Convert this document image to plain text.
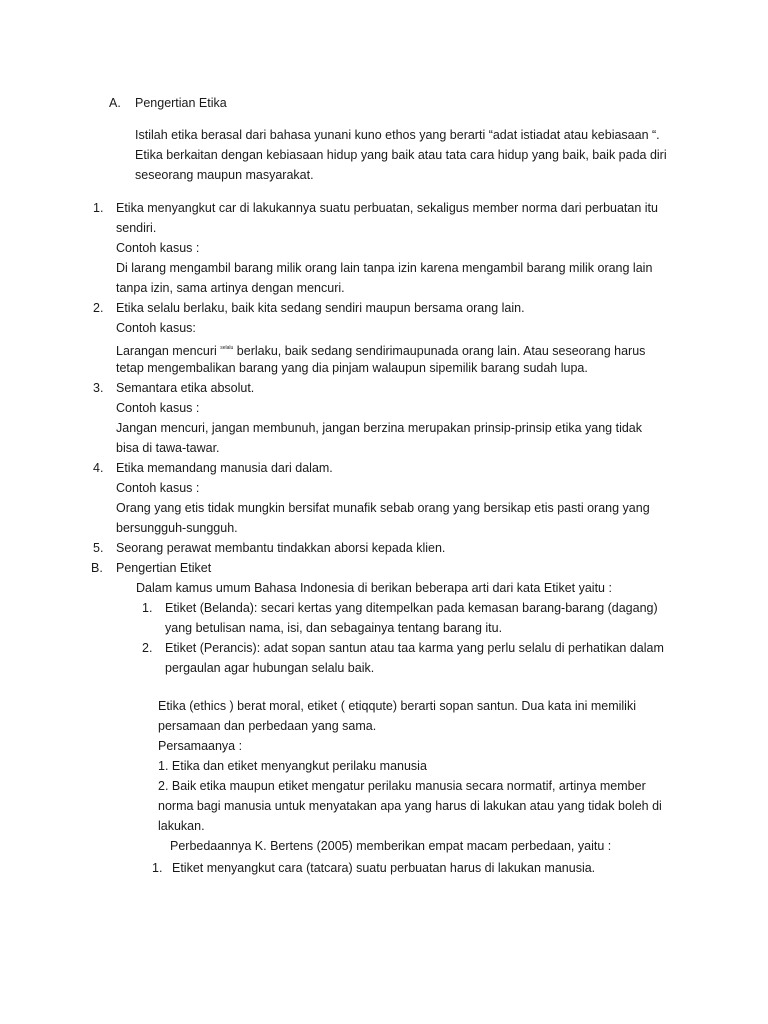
A. Pengertian Etika
Istilah etika berasal dari bahasa yunani kuno ethos yang berarti “adat istiadat atau kebiasaan “.
Etika berkaitan dengan kebiasaan hidup yang baik atau tata cara hidup yang baik, baik pada diri
seseorang maupun masyarakat.
1. Etika menyangkut car di lakukannya suatu perbuatan, sekaligus member norma dari perbuatan itu
sendiri.
Contoh kasus :
Di larang mengambil barang milik orang lain tanpa izin karena mengambil barang milik orang lain
tanpa izin, sama artinya dengan mencuri.
2. Etika selalu berlaku, baik kita sedang sendiri maupun bersama orang lain.
Contoh kasus:
Larangan mencuri $^{selalu}$ berlaku, baik sedang sendirimaupunada orang lain. Atau seseorang harus
tetap mengembalikan barang yang dia pinjam walaupun sipemilik barang sudah lupa.
3. Semantara etika absolut.
Contoh kasus :
Jangan mencuri, jangan membunuh, jangan berzina merupakan prinsip-prinsip etika yang tidak
bisa di tawa-tawar.
4. Etika memandang manusia dari dalam.
Contoh kasus :
Orang yang etis tidak mungkin bersifat munafik sebab orang yang bersikap etis pasti orang yang
bersungguh-sungguh.
5. Seorang perawat membantu tindakkan aborsi kepada klien.
B. Pengertian Etiket
Dalam kamus umum Bahasa Indonesia di berikan beberapa arti dari kata Etiket yaitu :
1. Etiket (Belanda): secari kertas yang ditempelkan pada kemasan barang-barang (dagang)
yang betulisan nama, isi, dan sebagainya tentang barang itu.
2. Etiket (Perancis): adat sopan santun atau taa karma yang perlu selalu di perhatikan dalam
pergaulan agar hubungan selalu baik.
Etika (ethics ) berat moral, etiket ( etiqqute) berarti sopan santun. Dua kata ini memiliki
persamaan dan perbedaan yang sama.
Persamaanya :
1. Etika dan etiket menyangkut perilaku manusia
2. Baik etika maupun etiket mengatur perilaku manusia secara normatif, artinya member
norma bagi manusia untuk menyatakan apa yang harus di lakukan atau yang tidak boleh di
lakukan.
Perbedaannya K. Bertens (2005) memberikan empat macam perbedaan, yaitu :
1. Etiket menyangkut cara (tatcara) suatu perbuatan harus di lakukan manusia.
